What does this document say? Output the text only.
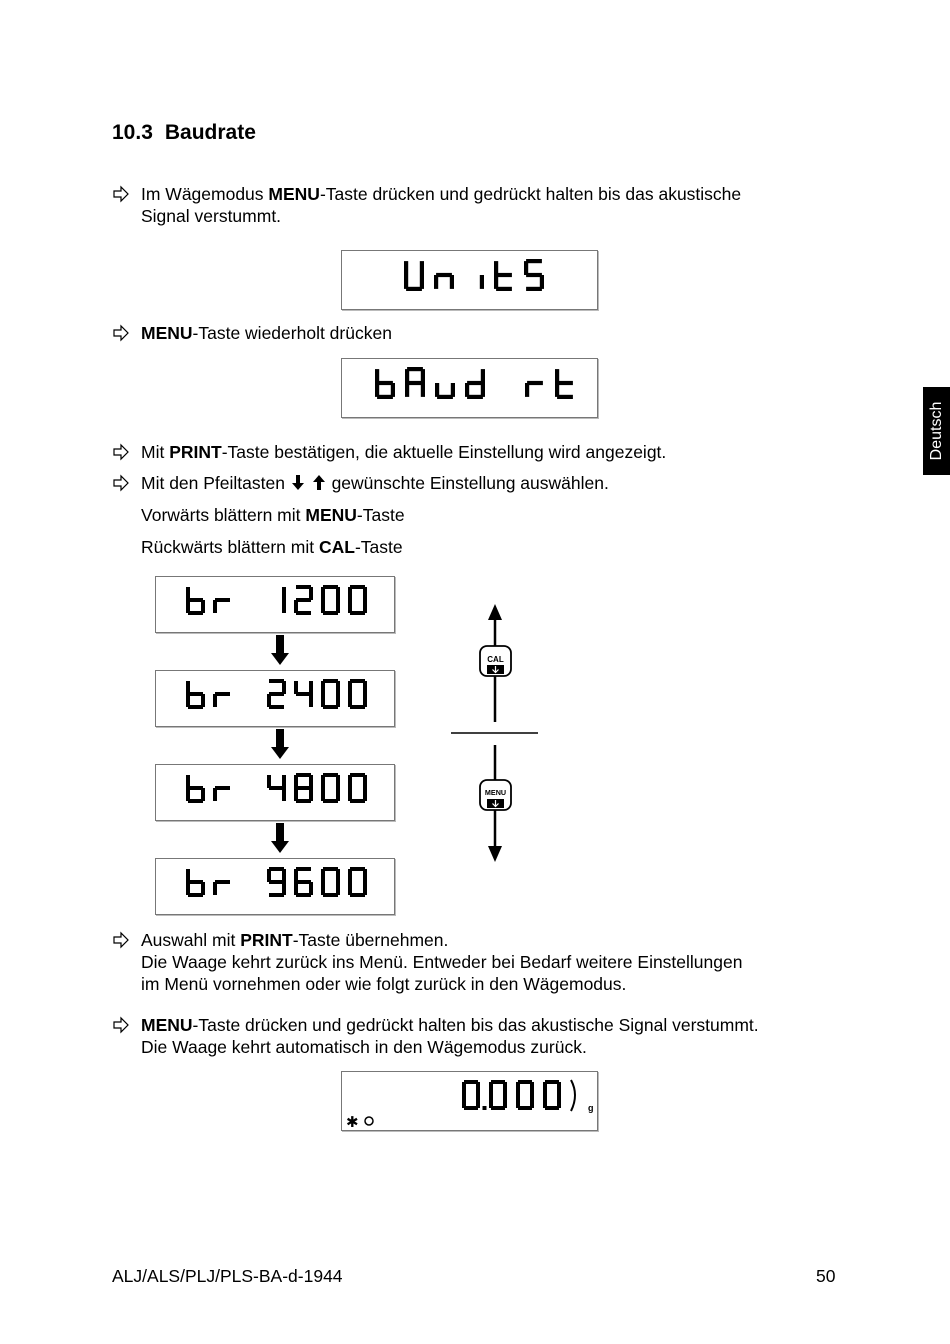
10.3 Baudrate
Im Wägemodus MENU-Taste drücken und gedrückt halten bis das akustische
Signal verstummt.
MENU-Taste wiederholt drücken
Deutsch
Mit PRINT-Taste bestätigen, die aktuelle Einstellung wird angezeigt.
Mit den Pfeiltasten   gewünschte Einstellung auswählen.
Vorwärts blättern mit MENU-Taste
Rückwärts blättern mit CAL-Taste
CAL
MENU
Auswahl mit PRINT-Taste übernehmen.
Die Waage kehrt zurück ins Menü. Entweder bei Bedarf weitere Einstellungen
im Menü vornehmen oder wie folgt zurück in den Wägemodus.
MENU-Taste drücken und gedrückt halten bis das akustische Signal verstummt.
Die Waage kehrt automatisch in den Wägemodus zurück.
✱
g
ALJ/ALS/PLJ/PLS-BA-d-1944	50
